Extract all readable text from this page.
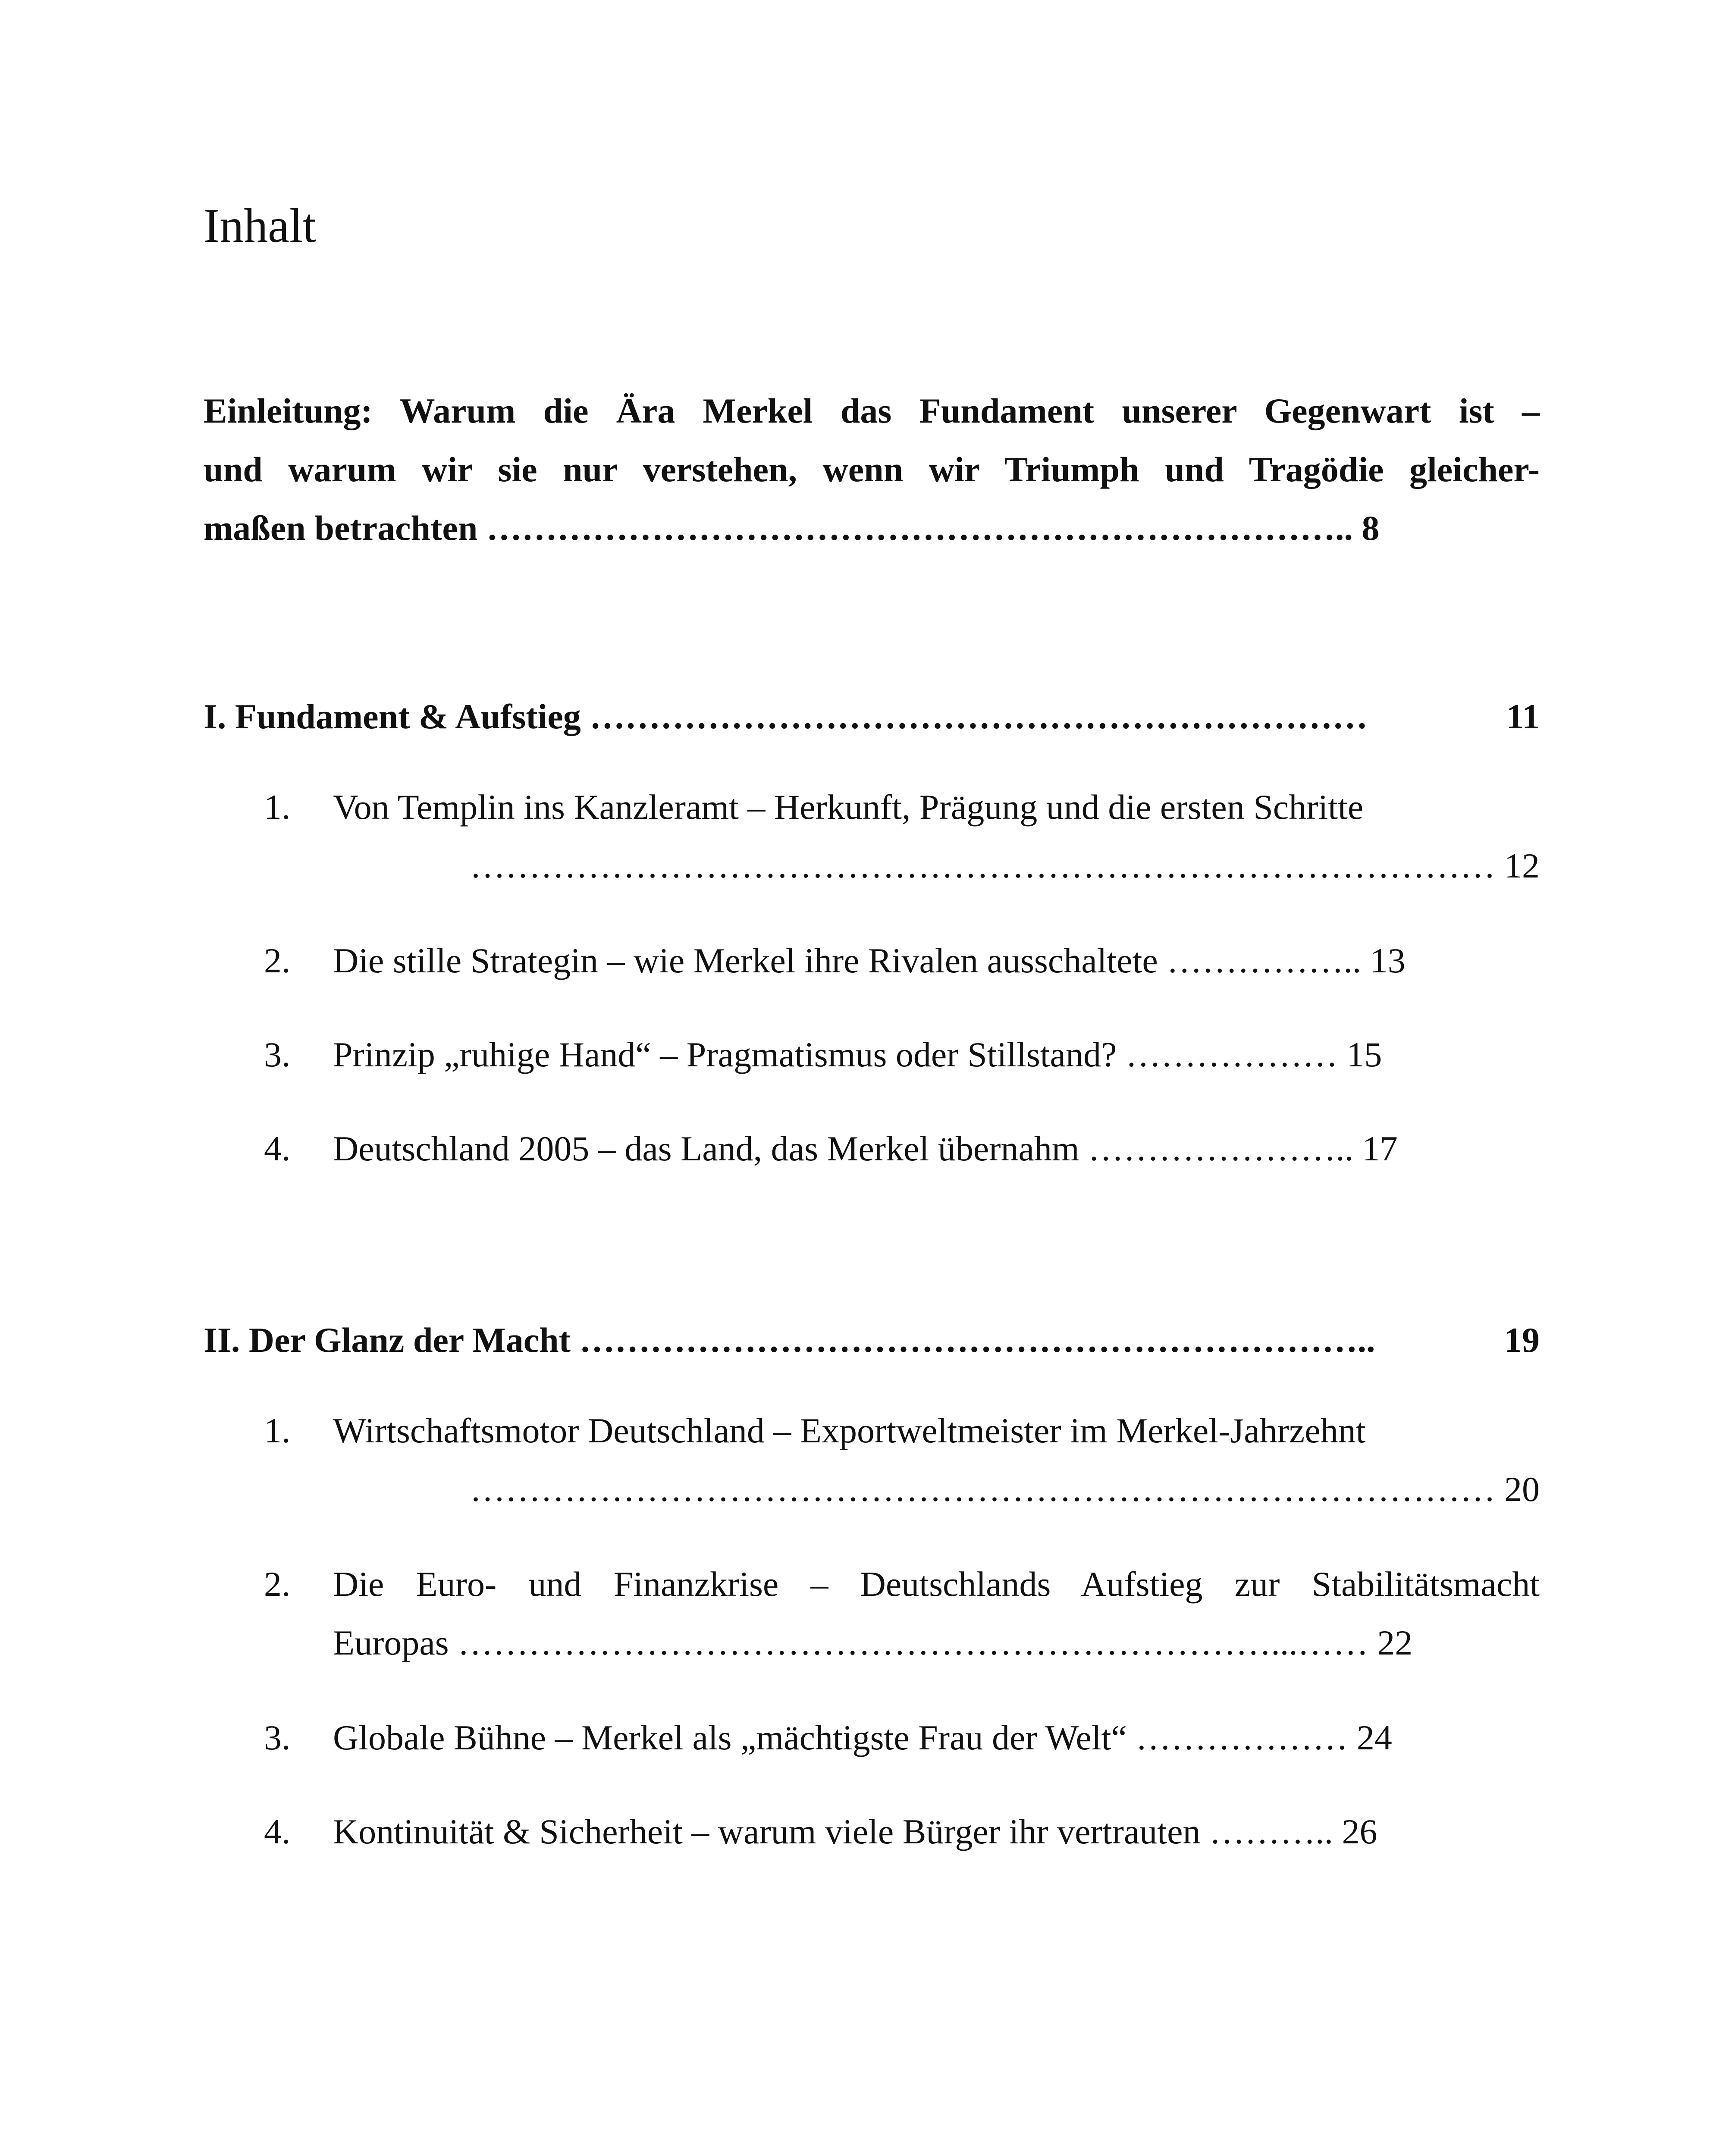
Inhalt
Einleitung: Warum die Ära Merkel das Fundament unserer Gegenwart ist –
und warum wir sie nur verstehen, wenn wir Triumph und Tragödie gleicher-
maßen betrachten ……………………………………………………………….. 8
I. Fundament & Aufstieg …………………………………………………………	11
1.	Von Templin ins Kanzleramt – Herkunft, Prägung und die ersten Schritte
…………………………………………………………………………… 12
2.	Die stille Strategin – wie Merkel ihre Rivalen ausschaltete …………….. 13
3.	Prinzip „ruhige Hand“ – Pragmatismus oder Stillstand? ……………… 15
4.	Deutschland 2005 – das Land, das Merkel übernahm ………………….. 17
II. Der Glanz der Macht …………………………………………………………..	19
1.	Wirtschaftsmotor Deutschland – Exportweltmeister im Merkel-Jahrzehnt
…………………………………………………………………………… 20
2.	Die Euro- und Finanzkrise – Deutschlands Aufstieg zur Stabilitätsmacht
Europas ……………………………………………………………...…… 22
3.	Globale Bühne – Merkel als „mächtigste Frau der Welt“ ……………… 24
4.	Kontinuität & Sicherheit – warum viele Bürger ihr vertrauten ……….. 26
